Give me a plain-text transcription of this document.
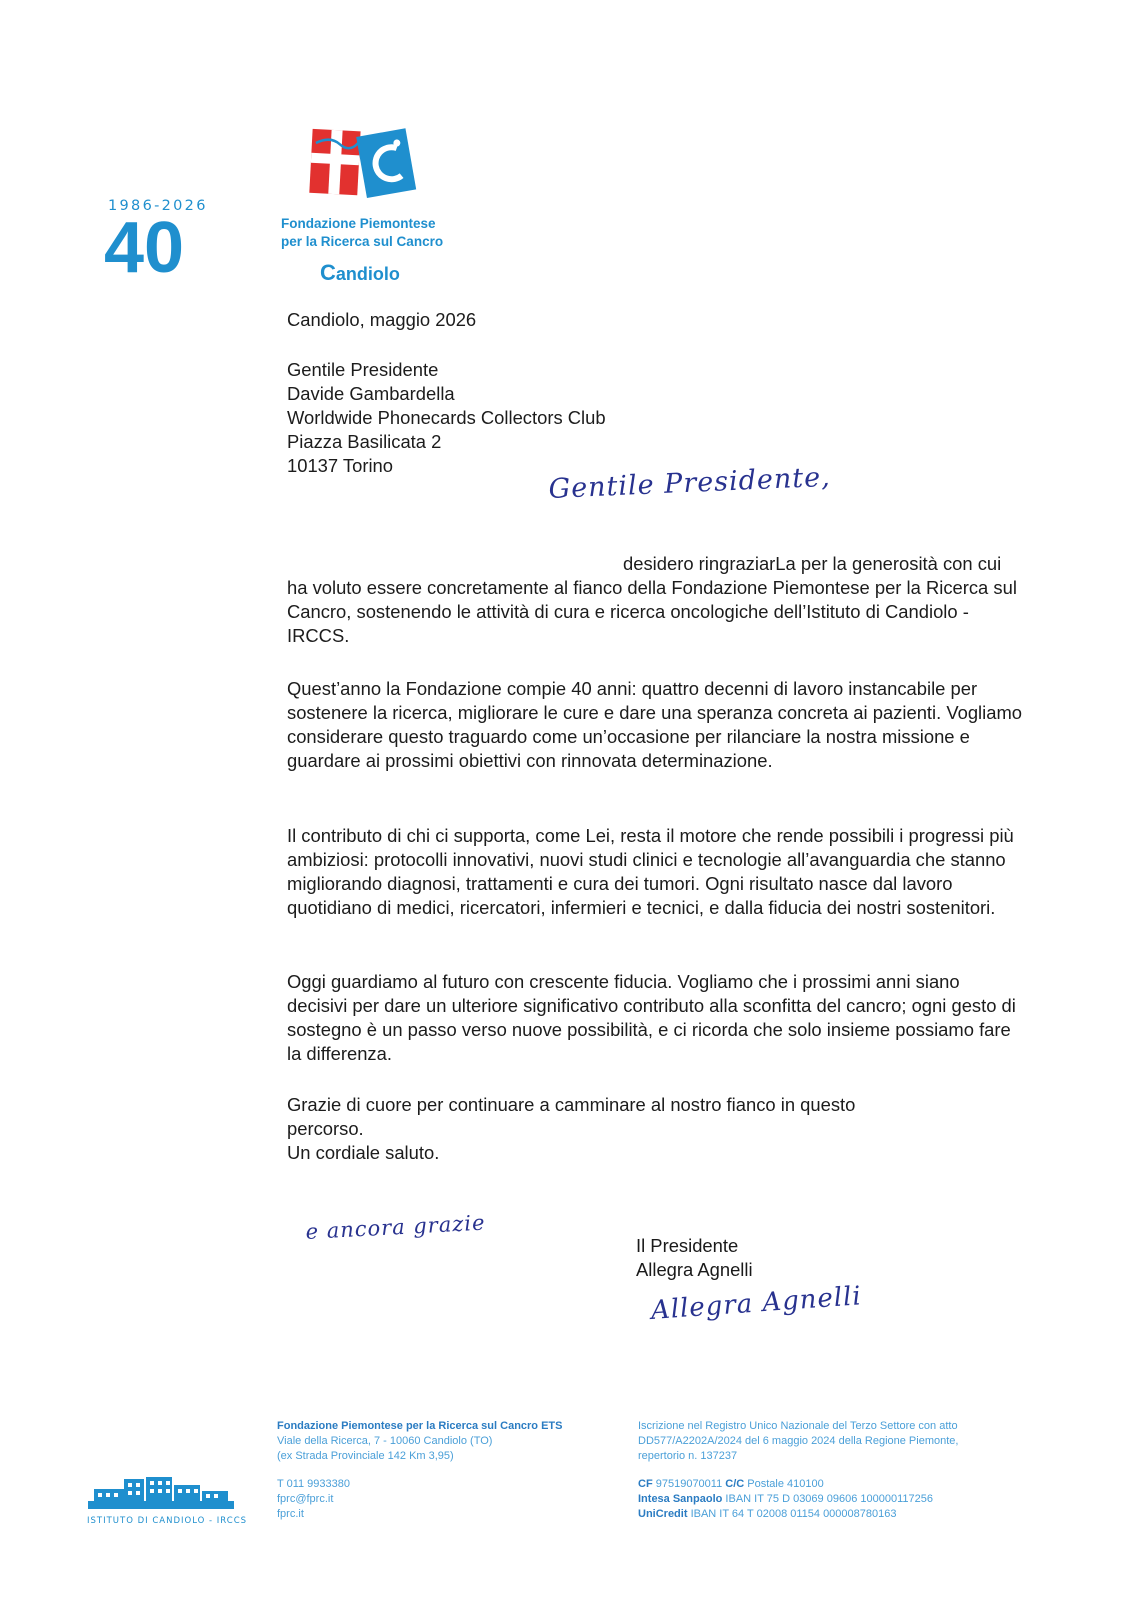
1986-2026
40	Fondazione Piemontese
per la Ricerca sul Cancro
Candiolo
Candiolo, maggio 2026
Gentile Presidente
Davide Gambardella
Worldwide Phonecards Collectors Club
Piazza Basilicata 2
10137 Torino	Gentile Presidente,
desidero ringraziarLa per la generosità con cui ha voluto essere concretamente al fianco della Fondazione Piemontese per la Ricerca sul Cancro, sostenendo le attività di cura e ricerca oncologiche dell’Istituto di Candiolo - IRCCS.
Quest’anno la Fondazione compie 40 anni: quattro decenni di lavoro instancabile per sostenere la ricerca, migliorare le cure e dare una speranza concreta ai pazienti. Vogliamo considerare questo traguardo come un’occasione per rilanciare la nostra missione e guardare ai prossimi obiettivi con rinnovata determinazione.
Il contributo di chi ci supporta, come Lei, resta il motore che rende possibili i progressi più ambiziosi: protocolli innovativi, nuovi studi clinici e tecnologie all’avanguardia che stanno migliorando diagnosi, trattamenti e cura dei tumori. Ogni risultato nasce dal lavoro quotidiano di medici, ricercatori, infermieri e tecnici, e dalla fiducia dei nostri sostenitori.
Oggi guardiamo al futuro con crescente fiducia. Vogliamo che i prossimi anni siano decisivi per dare un ulteriore significativo contributo alla sconfitta del cancro; ogni gesto di sostegno è un passo verso nuove possibilità, e ci ricorda che solo insieme possiamo fare la differenza.
Grazie di cuore per continuare a camminare al nostro fianco in questo
percorso.
Un cordiale saluto.
e ancora grazie
Il Presidente
Allegra Agnelli
Allegra Agnelli
ISTITUTO DI CANDIOLO - IRCCS
Fondazione Piemontese per la Ricerca sul Cancro ETS
Viale della Ricerca, 7 - 10060 Candiolo (TO)
(ex Strada Provinciale 142 Km 3,95)
T 011 9933380
fprc@fprc.it
fprc.it
Iscrizione nel Registro Unico Nazionale del Terzo Settore con atto
DD577/A2202A/2024 del 6 maggio 2024 della Regione Piemonte,
repertorio n. 137237
CF 97519070011 C/C Postale 410100
Intesa Sanpaolo IBAN IT 75 D 03069 09606 100000117256
UniCredit IBAN IT 64 T 02008 01154 000008780163
